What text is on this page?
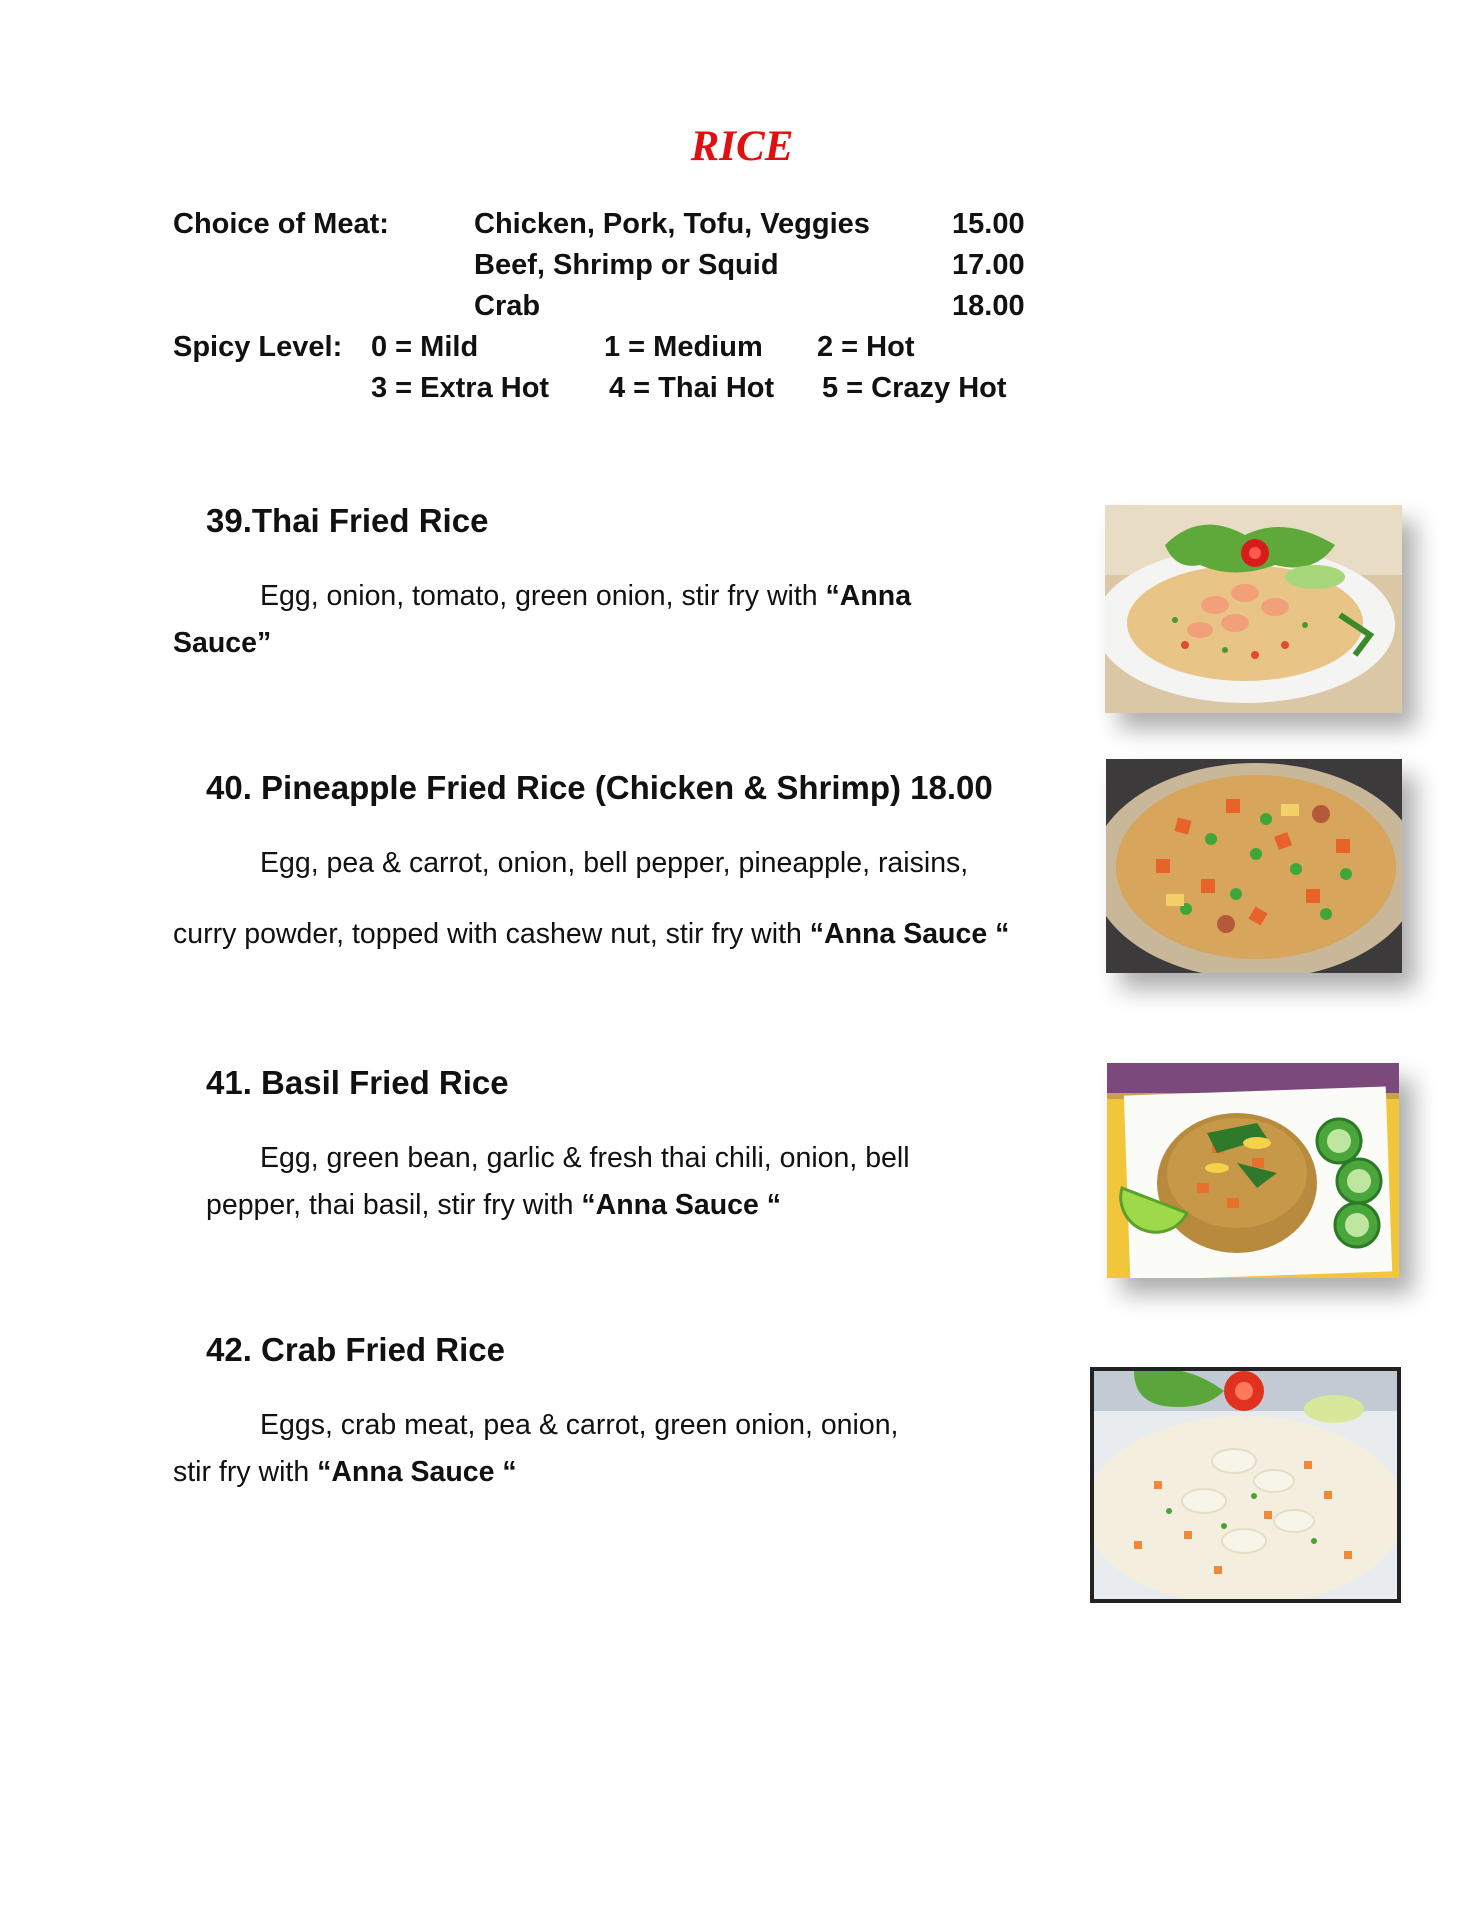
RICE
Choice of Meat:	Chicken, Pork, Tofu, Veggies	15.00
Beef, Shrimp or Squid	17.00
Crab	18.00
Spicy Level: 0 = Mild	1 = Medium 2 = Hot
3 = Extra Hot 4 = Thai Hot 5 = Crazy Hot
39.Thai Fried Rice
Egg, onion, tomato, green onion, stir fry with “Anna
Sauce”
40. Pineapple Fried Rice (Chicken & Shrimp) 18.00
Egg, pea & carrot, onion, bell pepper, pineapple, raisins,
curry powder, topped with cashew nut, stir fry with “Anna Sauce “
41. Basil Fried Rice
Egg, green bean, garlic & fresh thai chili, onion, bell
pepper, thai basil, stir fry with “Anna Sauce “
42. Crab Fried Rice
Eggs, crab meat, pea & carrot, green onion, onion,
stir fry with “Anna Sauce “
